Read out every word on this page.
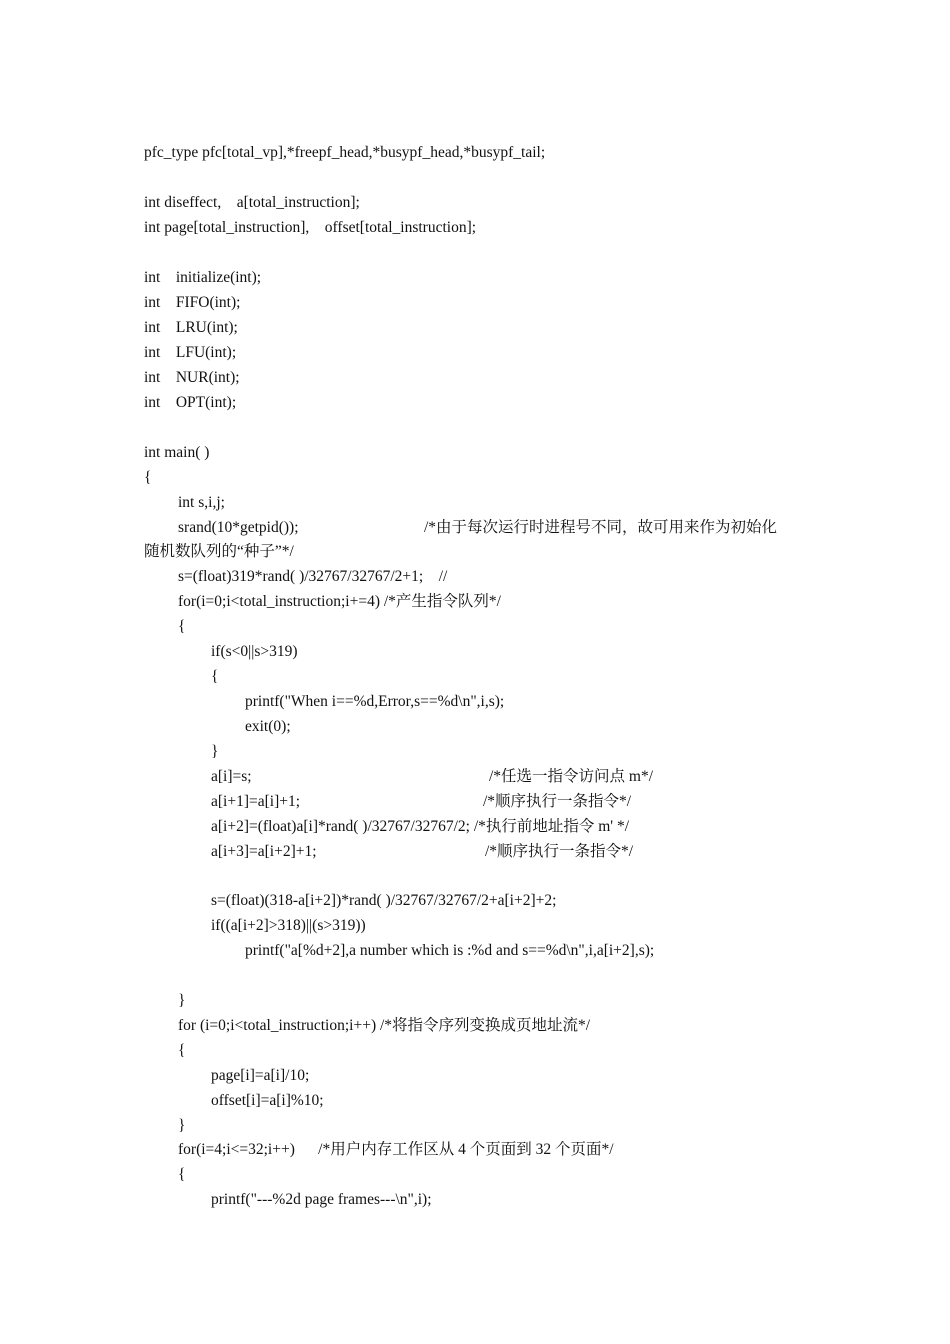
pfc_type pfc[total_vp],*freepf_head,*busypf_head,*busypf_tail;
int diseffect,    a[total_instruction];
int page[total_instruction],    offset[total_instruction];
int    initialize(int);
int    FIFO(int);
int    LRU(int);
int    LFU(int);
int    NUR(int);
int    OPT(int);
int main( )
{
int s,i,j;
srand(10*getpid());	/*由于每次运行时进程号不同，故可用来作为初始化
随机数队列的“种子”*/
s=(float)319*rand( )/32767/32767/2+1;    //
for(i=0;i<total_instruction;i+=4) /*产生指令队列*/
{
if(s<0||s>319)
{
printf("When i==%d,Error,s==%d\n",i,s);
exit(0);
}
a[i]=s;	/*任选一指令访问点 m*/
a[i+1]=a[i]+1;	/*顺序执行一条指令*/
a[i+2]=(float)a[i]*rand( )/32767/32767/2; /*执行前地址指令 m' */
a[i+3]=a[i+2]+1;	/*顺序执行一条指令*/
s=(float)(318-a[i+2])*rand( )/32767/32767/2+a[i+2]+2;
if((a[i+2]>318)||(s>319))
printf("a[%d+2],a number which is :%d and s==%d\n",i,a[i+2],s);
}
for (i=0;i<total_instruction;i++) /*将指令序列变换成页地址流*/
{
page[i]=a[i]/10;
offset[i]=a[i]%10;
}
for(i=4;i<=32;i++)      /*用户内存工作区从 4 个页面到 32 个页面*/
{
printf("---%2d page frames---\n",i);
